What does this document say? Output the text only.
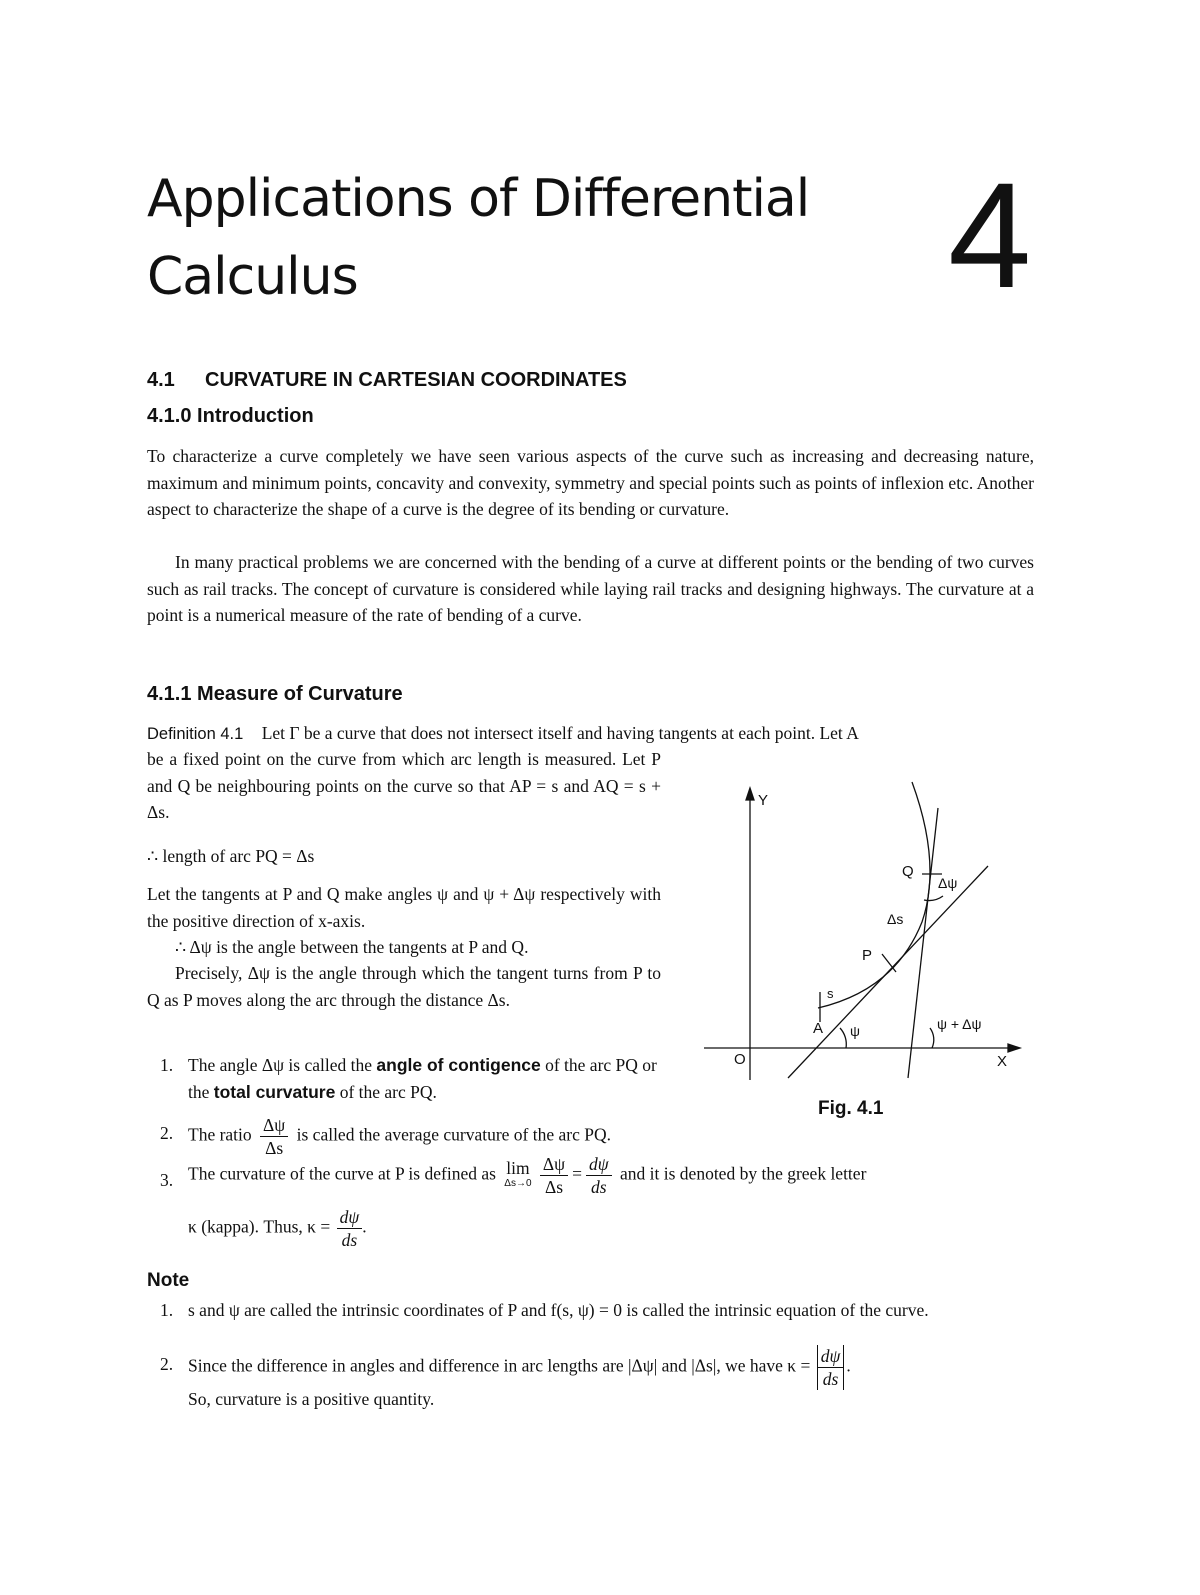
Applications of Differential
Calculus	4
4.1 CURVATURE IN CARTESIAN COORDINATES
4.1.0 Introduction
To characterize a curve completely we have seen various aspects of the curve such as increasing and decreasing nature, maximum and minimum points, concavity and convexity, symmetry and special points such as points of inflexion etc. Another aspect to characterize the shape of a curve is the degree of its bending or curvature.
In many practical problems we are concerned with the bending of a curve at different points or the bending of two curves such as rail tracks. The concept of curvature is considered while laying rail tracks and designing highways. The curvature at a point is a numerical measure of the rate of bending of a curve.
4.1.1 Measure of Curvature
Definition 4.1 Let Γ be a curve that does not intersect itself and having tangents at each point. Let A
be a fixed point on the curve from which arc length is measured. Let P and Q be neighbouring points on the curve so that AP = s and AQ = s + Δs.
∴ length of arc PQ = Δs
Let the tangents at P and Q make angles ψ and ψ + Δψ respectively with the positive direction of x-axis.
∴ Δψ is the angle between the tangents at P and Q.
Precisely, Δψ is the angle through which the tangent turns from P to Q as P moves along the arc through the distance Δs.
1. The angle Δψ is called the angle of contigence of the arc PQ or the total curvature of the arc PQ.
2. The ratio $\frac{\Delta\psi}{\Delta s}$ is called the average curvature of the arc PQ.
3. The curvature of the curve at P is defined as lim
Δs→0
$\frac{\Delta\psi}{\Delta s} = \frac{d\psi}{ds}$ and it is denoted by the greek letter
κ (kappa). Thus, $\kappa = \frac{d\psi}{ds}$ .
Note
1. s and ψ are called the intrinsic coordinates of P and f(s, ψ) = 0 is called the intrinsic equation of the curve.
2. Since the difference in angles and difference in arc lengths are |Δψ| and |Δs|, we have $\kappa = \frac{d\psi}{ds}$ .
So, curvature is a positive quantity.
Y
X
O
A
P
Q
s
Δs
Δψ
ψ	ψ + Δψ
Fig. 4.1
